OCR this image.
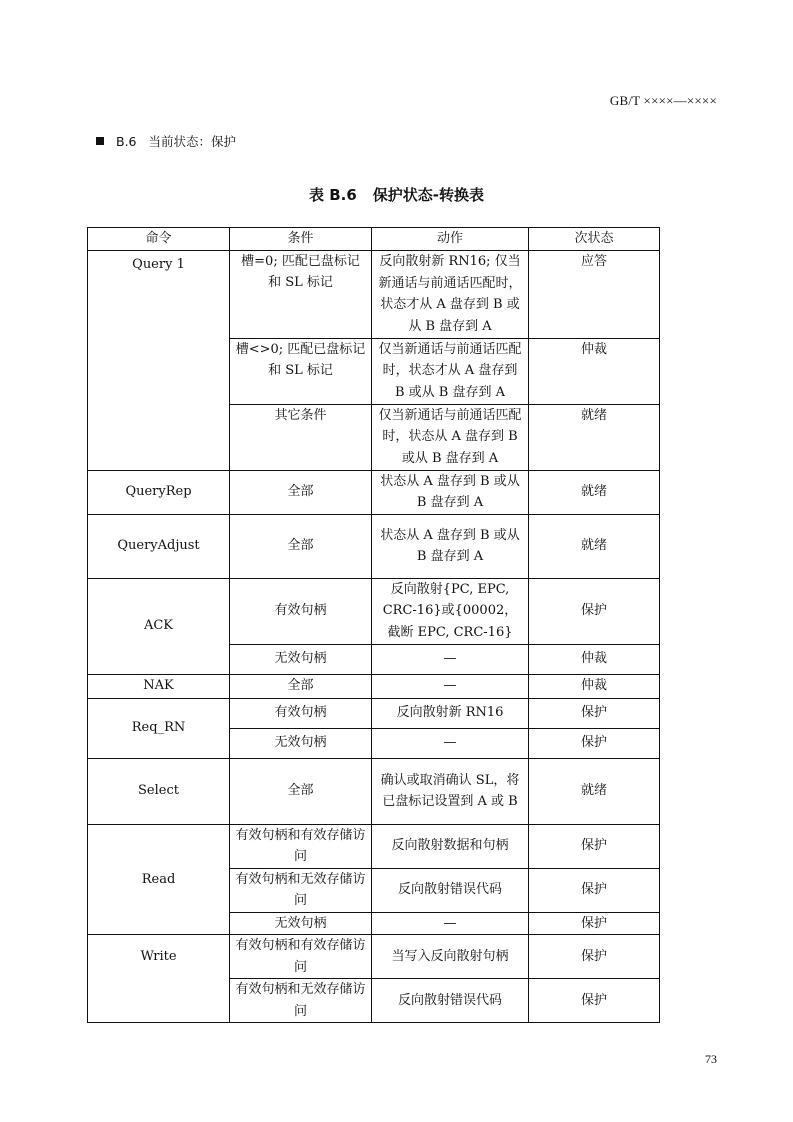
GB/T ××××—××××
B.6 当前状态：保护
表 B.6 保护状态-转换表
命令	条件	动作	次状态
Query 1	槽=0; 匹配已盘标记和 SL 标记	反向散射新 RN16; 仅当新通话与前通话匹配时，状态才从 A 盘存到 B 或从 B 盘存到 A	应答
	槽<>0; 匹配已盘标记和 SL 标记	仅当新通话与前通话匹配时，状态才从 A 盘存到 B 或从 B 盘存到 A	仲裁
	其它条件	仅当新通话与前通话匹配时，状态从 A 盘存到 B 或从 B 盘存到 A	就绪
QueryRep	全部	状态从 A 盘存到 B 或从 B 盘存到 A	就绪
QueryAdjust	全部	状态从 A 盘存到 B 或从 B 盘存到 A	就绪
ACK	有效句柄	反向散射{PC, EPC, CRC-16}或{00002，截断 EPC, CRC-16}	保护
	无效句柄	—	仲裁
NAK	全部	—	仲裁
Req_RN	有效句柄	反向散射新 RN16	保护
	无效句柄	—	保护
Select	全部	确认或取消确认 SL，将已盘标记设置到 A 或 B	就绪
Read	有效句柄和有效存储访问	反向散射数据和句柄	保护
	有效句柄和无效存储访问	反向散射错误代码	保护
	无效句柄	—	保护
Write	有效句柄和有效存储访问	当写入反向散射句柄	保护
	有效句柄和无效存储访问	反向散射错误代码	保护
73
